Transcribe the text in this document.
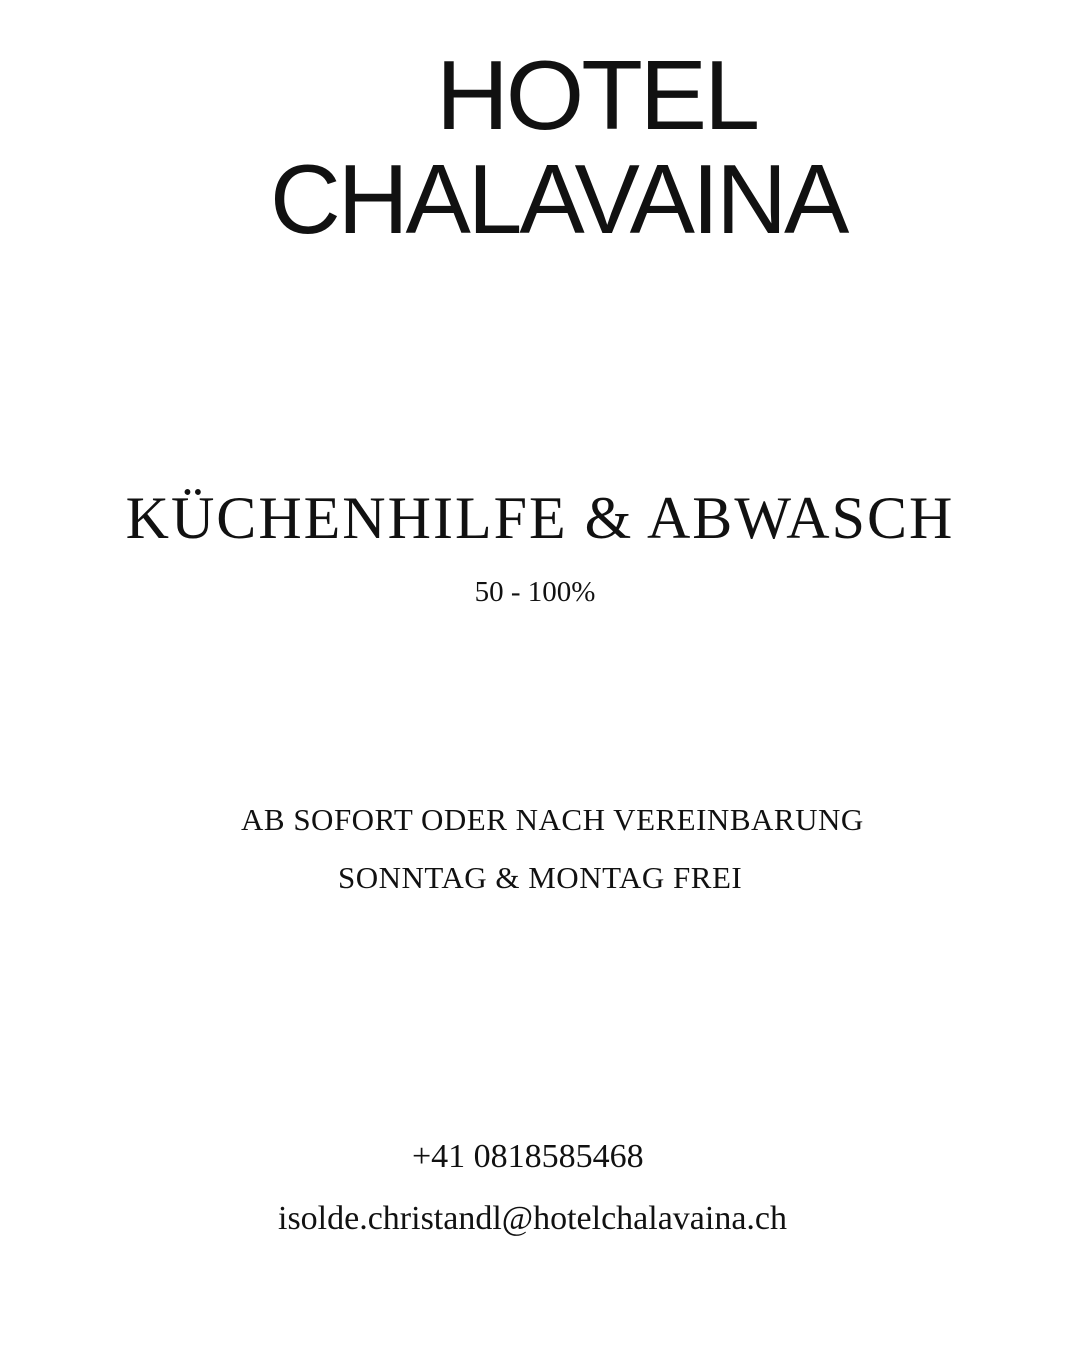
HOTEL
CHALAVAINA
KÜCHENHILFE & ABWASCH
50 - 100%
AB SOFORT ODER NACH VEREINBARUNG
SONNTAG & MONTAG FREI
+41 0818585468
isolde.christandl@hotelchalavaina.ch
